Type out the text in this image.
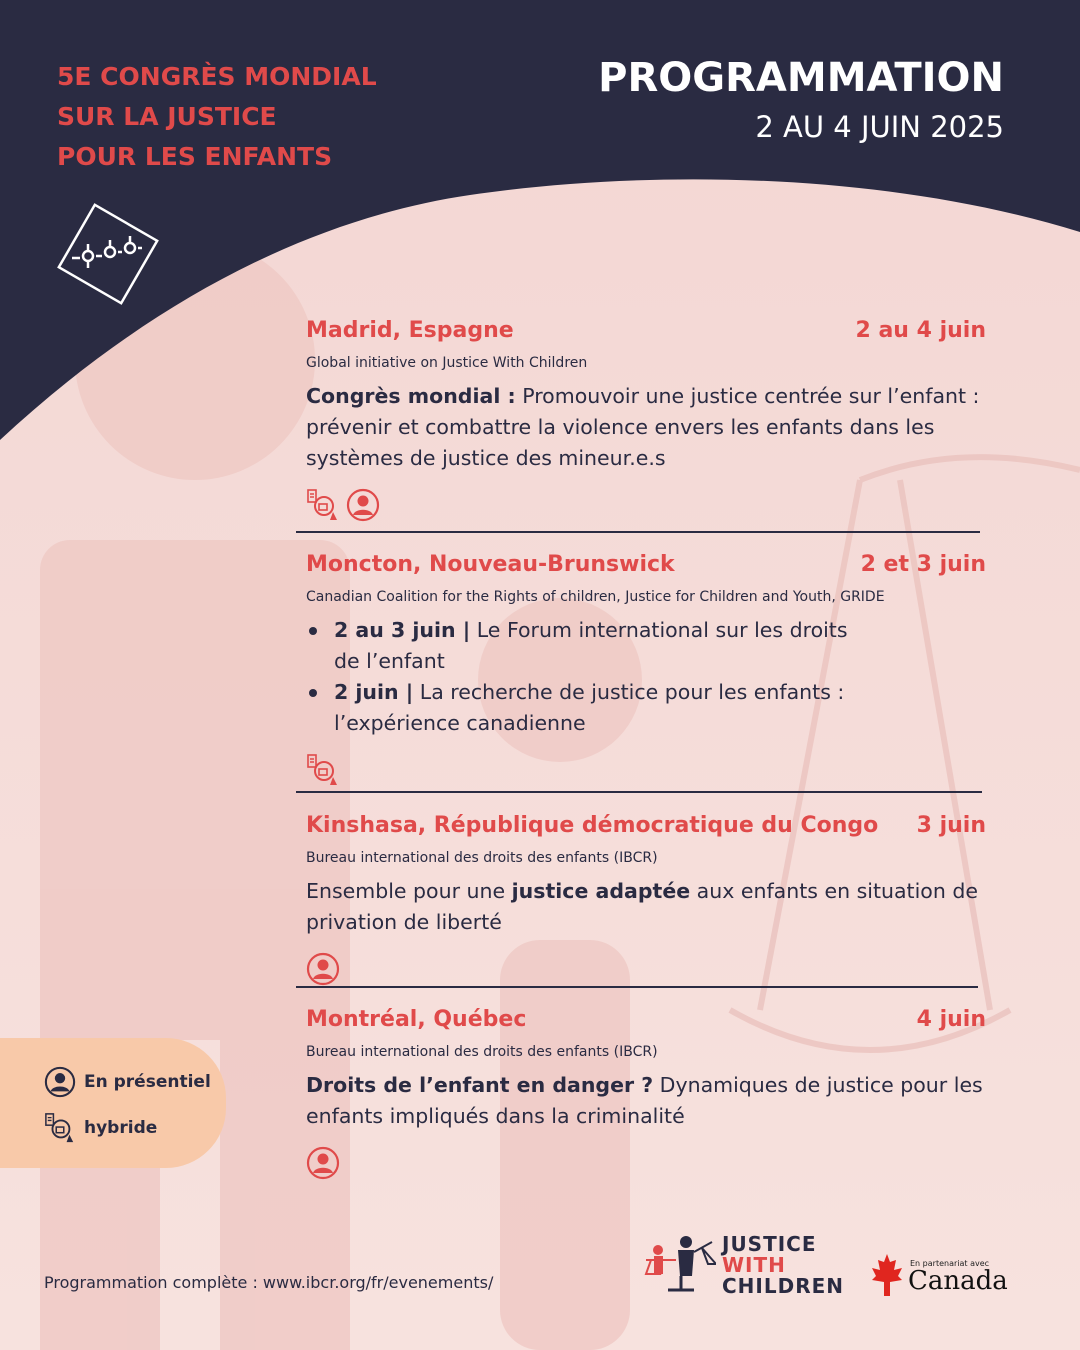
5E CONGRÈS MONDIAL
SUR LA JUSTICE
POUR LES ENFANTS
PROGRAMMATION
2 AU 4 JUIN 2025
Madrid, Espagne	2 au 4 juin
Global initiative on Justice With Children
Congrès mondial : Promouvoir une justice centrée sur l’enfant : prévenir et combattre la violence envers les enfants dans les systèmes de justice des mineur.e.s
Moncton, Nouveau-Brunswick	2 et 3 juin
Canadian Coalition for the Rights of children, Justice for Children and Youth, GRIDE
2 au 3 juin | Le Forum international sur les droits de l’enfant
2 juin | La recherche de justice pour les enfants : l’expérience canadienne
Kinshasa, République démocratique du Congo 3 juin
Bureau international des droits des enfants (IBCR)
Ensemble pour une justice adaptée aux enfants en situation de privation de liberté
Montréal, Québec	4 juin
Bureau international des droits des enfants (IBCR)
Droits de l’enfant en danger ? Dynamiques de justice pour les enfants impliqués dans la criminalité
En présentiel
hybride
Programmation complète : www.ibcr.org/fr/evenements/
JUSTICE
WITH
CHILDREN
En partenariat avec
Canada
